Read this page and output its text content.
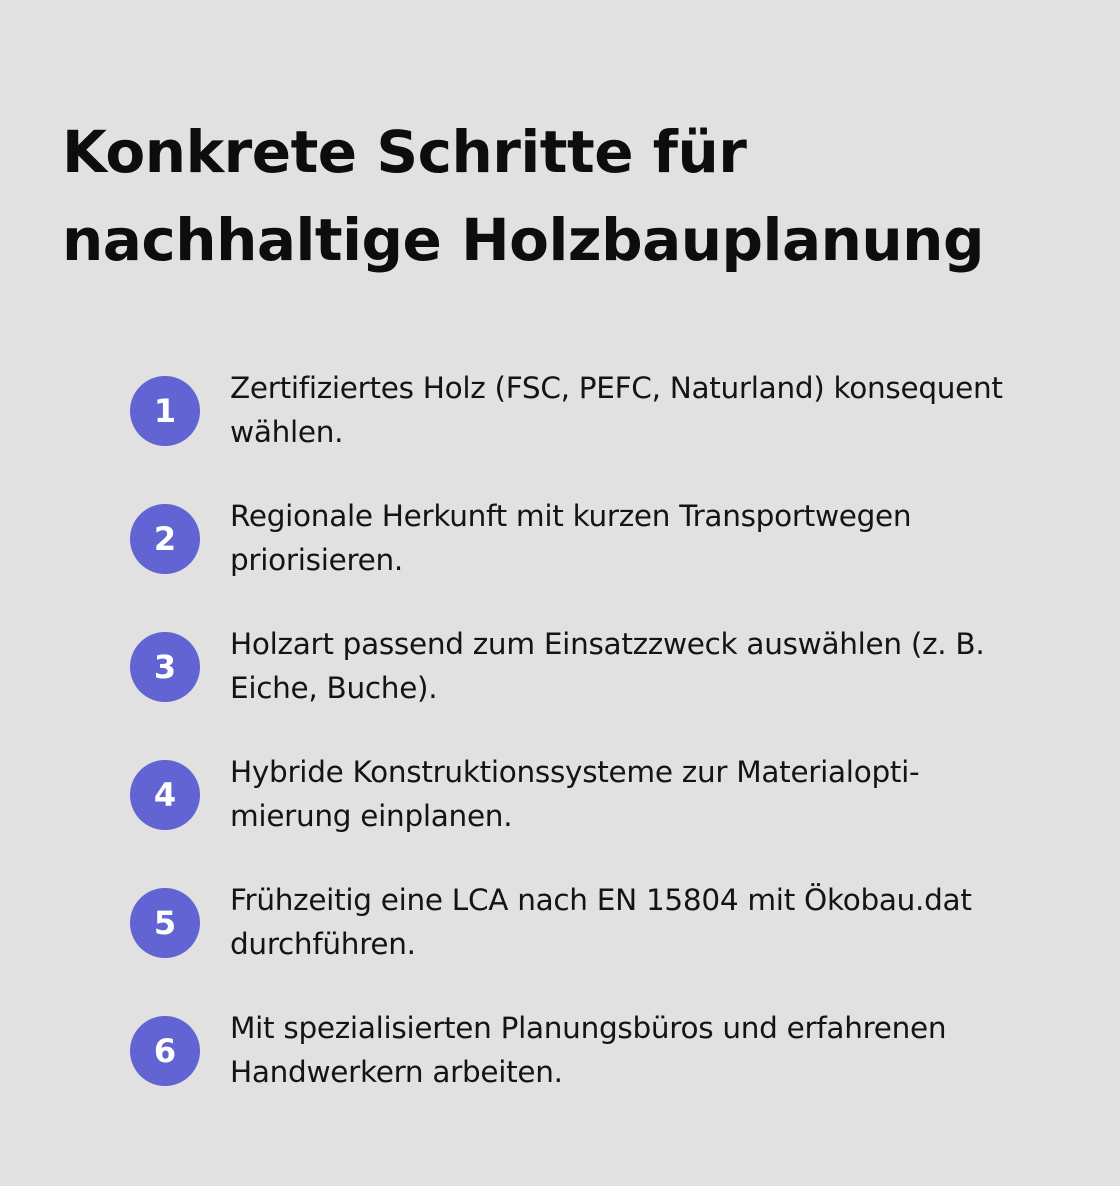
Konkrete Schritte für
nachhaltige Holzbauplanung
1
Zertifiziertes Holz (FSC, PEFC, Naturland) konsequent
wählen.
2
Regionale Herkunft mit kurzen Transportwegen
priorisieren.
3
Holzart passend zum Einsatzzweck auswählen (z. B.
Eiche, Buche).
4
Hybride Konstruktionssysteme zur Materialopti-
mierung einplanen.
5
Frühzeitig eine LCA nach EN 15804 mit Ökobau.dat
durchführen.
6
Mit spezialisierten Planungsbüros und erfahrenen
Handwerkern arbeiten.
